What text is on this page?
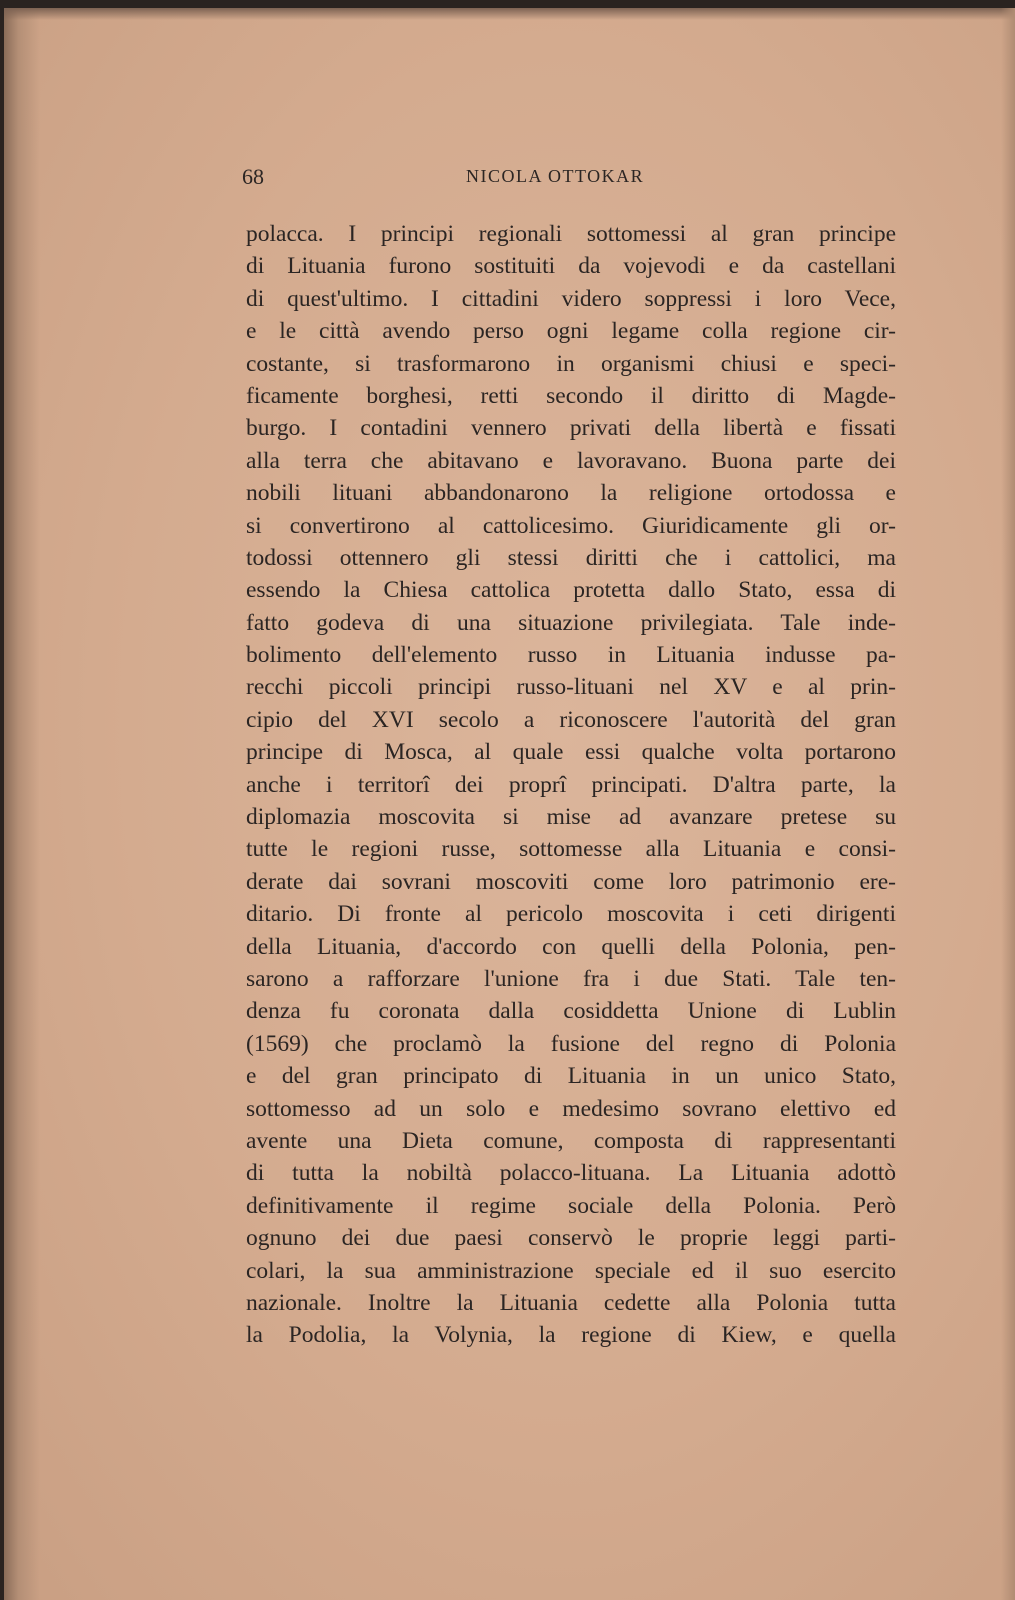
68	NICOLA OTTOKAR
polacca. I principi regionali sottomessi al gran principe
di Lituania furono sostituiti da vojevodi e da castellani
di quest'ultimo. I cittadini videro soppressi i loro Vece,
e le città avendo perso ogni legame colla regione cir-
costante, si trasformarono in organismi chiusi e speci-
ficamente borghesi, retti secondo il diritto di Magde-
burgo. I contadini vennero privati della libertà e fissati
alla terra che abitavano e lavoravano. Buona parte dei
nobili lituani abbandonarono la religione ortodossa e
si convertirono al cattolicesimo. Giuridicamente gli or-
todossi ottennero gli stessi diritti che i cattolici, ma
essendo la Chiesa cattolica protetta dallo Stato, essa di
fatto godeva di una situazione privilegiata. Tale inde-
bolimento dell'elemento russo in Lituania indusse pa-
recchi piccoli principi russo-lituani nel XV e al prin-
cipio del XVI secolo a riconoscere l'autorità del gran
principe di Mosca, al quale essi qualche volta portarono
anche i territorî dei proprî principati. D'altra parte, la
diplomazia moscovita si mise ad avanzare pretese su
tutte le regioni russe, sottomesse alla Lituania e consi-
derate dai sovrani moscoviti come loro patrimonio ere-
ditario. Di fronte al pericolo moscovita i ceti dirigenti
della Lituania, d'accordo con quelli della Polonia, pen-
sarono a rafforzare l'unione fra i due Stati. Tale ten-
denza fu coronata dalla cosiddetta Unione di Lublin
(1569) che proclamò la fusione del regno di Polonia
e del gran principato di Lituania in un unico Stato,
sottomesso ad un solo e medesimo sovrano elettivo ed
avente una Dieta comune, composta di rappresentanti
di tutta la nobiltà polacco-lituana. La Lituania adottò
definitivamente il regime sociale della Polonia. Però
ognuno dei due paesi conservò le proprie leggi parti-
colari, la sua amministrazione speciale ed il suo esercito
nazionale. Inoltre la Lituania cedette alla Polonia tutta
la Podolia, la Volynia, la regione di Kiew, e quella
